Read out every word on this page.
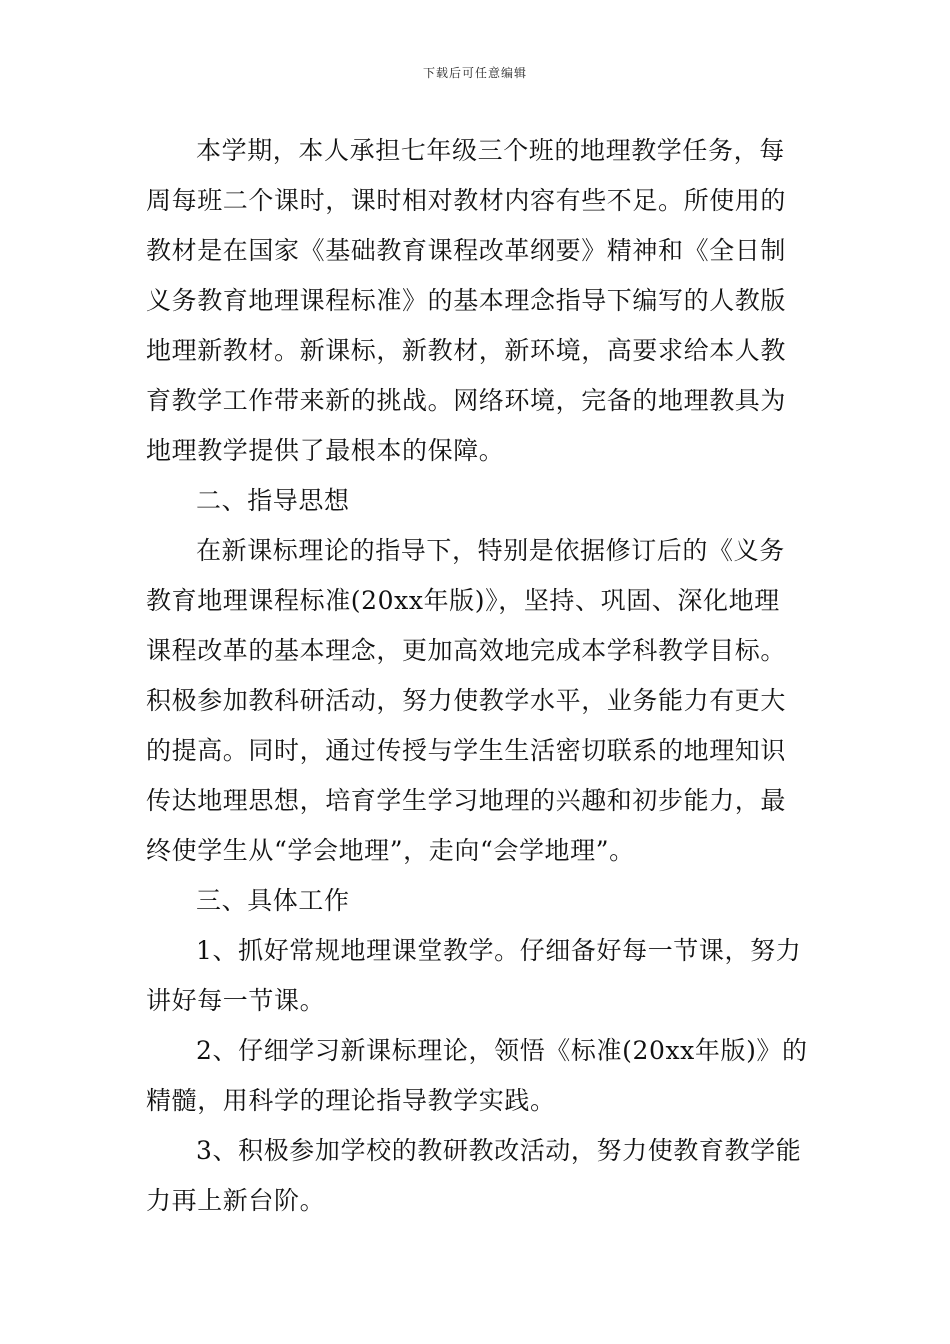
下载后可任意编辑
本学期，本人承担七年级三个班的地理教学任务，每
周每班二个课时，课时相对教材内容有些不足。所使用的
教材是在国家《基础教育课程改革纲要》精神和《全日制
义务教育地理课程标准》的基本理念指导下编写的人教版
地理新教材。新课标，新教材，新环境，高要求给本人教
育教学工作带来新的挑战。网络环境，完备的地理教具为
地理教学提供了最根本的保障。
二、指导思想
在新课标理论的指导下，特别是依据修订后的《义务
教育地理课程标准(20xx年版)》，坚持、巩固、深化地理
课程改革的基本理念，更加高效地完成本学科教学目标。
积极参加教科研活动，努力使教学水平，业务能力有更大
的提高。同时，通过传授与学生生活密切联系的地理知识
传达地理思想，培育学生学习地理的兴趣和初步能力，最
终使学生从“学会地理”，走向“会学地理”。
三、具体工作
1、抓好常规地理课堂教学。仔细备好每一节课，努力
讲好每一节课。
2、仔细学习新课标理论，领悟《标准(20xx年版)》的
精髓，用科学的理论指导教学实践。
3、积极参加学校的教研教改活动，努力使教育教学能
力再上新台阶。
